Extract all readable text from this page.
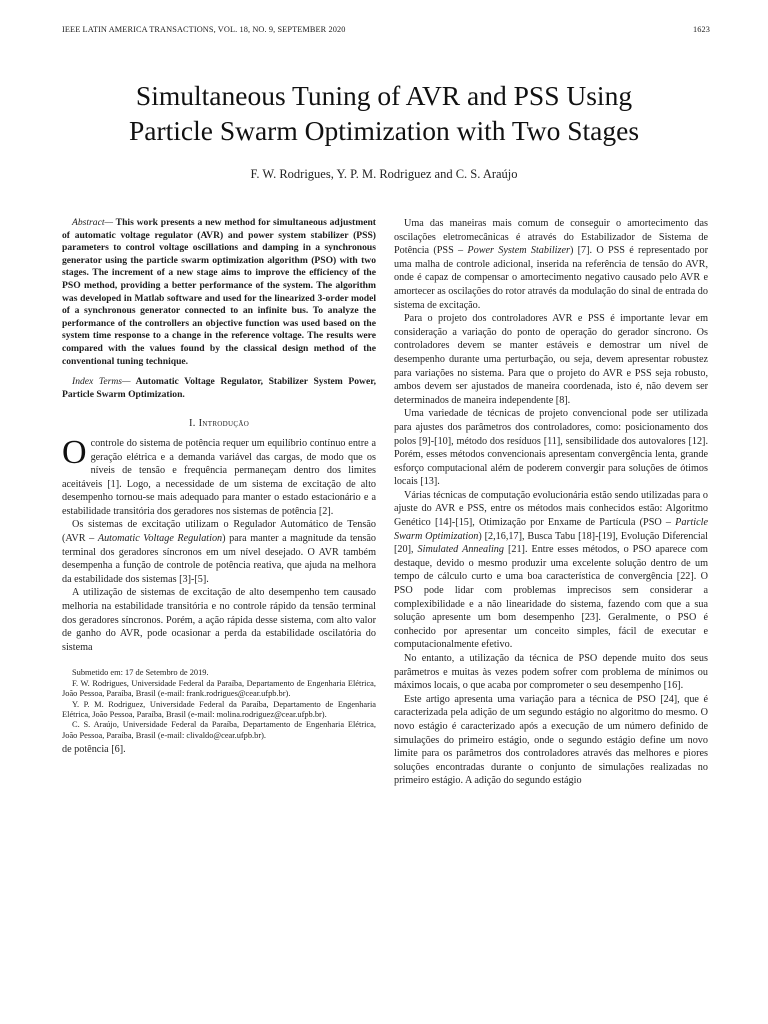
IEEE LATIN AMERICA TRANSACTIONS, VOL. 18, NO. 9, SEPTEMBER 2020	1623
Simultaneous Tuning of AVR and PSS Using
Particle Swarm Optimization with Two Stages
F. W. Rodrigues, Y. P. M. Rodriguez and C. S. Araújo

Abstract— This work presents a new method for simultaneous adjustment of automatic voltage regulator (AVR) and power system stabilizer (PSS) parameters to control voltage oscillations and damping in a synchronous generator using the particle swarm optimization algorithm (PSO) with two stages. The increment of a new stage aims to improve the efficiency of the PSO method, providing a better performance of the system. The algorithm was developed in Matlab software and used for the linearized 3-order model of a synchronous generator connected to an infinite bus. To analyze the performance of the controllers an objective function was used based on the system time response to a change in the reference voltage. The results were compared with the values found by the classical design method of the conventional tuning technique.

Index Terms— Automatic Voltage Regulator, Stabilizer System Power, Particle Swarm Optimization.

I. Introdução

Ocontrole do sistema de potência requer um equilíbrio contínuo entre a geração elétrica e a demanda variável das cargas, de modo que os níveis de tensão e frequência permaneçam dentro dos limites aceitáveis [1]. Logo, a necessidade de um sistema de excitação de alto desempenho tornou-se mais adequado para manter o estado estacionário e a estabilidade transitória dos geradores nos sistemas de potência [2].

Os sistemas de excitação utilizam o Regulador Automático de Tensão (AVR – Automatic Voltage Regulation) para manter a magnitude da tensão terminal dos geradores síncronos em um nível desejado. O AVR também desempenha a função de controle de potência reativa, que ajuda na melhora da estabilidade dos sistemas [3]-[5].

A utilização de sistemas de excitação de alto desempenho tem causado melhoria na estabilidade transitória e no controle rápido da tensão terminal dos geradores síncronos. Porém, a ação rápida desse sistema, com alto valor de ganho do AVR, pode ocasionar a perda da estabilidade oscilatória do sistema

Submetido em: 17 de Setembro de 2019.

F. W. Rodrigues, Universidade Federal da Paraíba, Departamento de Engenharia Elétrica, João Pessoa, Paraíba, Brasil (e-mail: frank.rodrigues@cear.ufpb.br).

Y. P. M. Rodriguez, Universidade Federal da Paraíba, Departamento de Engenharia Elétrica, João Pessoa, Paraíba, Brasil (e-mail: molina.rodriguez@cear.ufpb.br).

C. S. Araújo, Universidade Federal da Paraíba, Departamento de Engenharia Elétrica, João Pessoa, Paraíba, Brasil (e-mail: clivaldo@cear.ufpb.br).

de potência [6].

Uma das maneiras mais comum de conseguir o amortecimento das oscilações eletromecânicas é através do Estabilizador de Sistema de Potência (PSS – Power System Stabilizer) [7]. O PSS é representado por uma malha de controle adicional, inserida na referência de tensão do AVR, onde é capaz de compensar o amortecimento negativo causado pelo AVR e amortecer as oscilações do rotor através da modulação do sinal de entrada do sistema de excitação.

Para o projeto dos controladores AVR e PSS é importante levar em consideração a variação do ponto de operação do gerador síncrono. Os controladores devem se manter estáveis e demostrar um nível de desempenho durante uma perturbação, ou seja, devem apresentar robustez para variações no sistema. Para que o projeto do AVR e PSS seja robusto, ambos devem ser ajustados de maneira coordenada, isto é, não devem ser determinados de maneira independente [8].

Uma variedade de técnicas de projeto convencional pode ser utilizada para ajustes dos parâmetros dos controladores, como: posicionamento dos polos [9]-[10], método dos resíduos [11], sensibilidade dos autovalores [12]. Porém, esses métodos convencionais apresentam convergência lenta, grande esforço computacional além de poderem convergir para soluções de ótimos locais [13].

Várias técnicas de computação evolucionária estão sendo utilizadas para o ajuste do AVR e PSS, entre os métodos mais conhecidos estão: Algoritmo Genético [14]-[15], Otimização por Enxame de Partícula (PSO – Particle Swarm Optimization) [2,16,17], Busca Tabu [18]-[19], Evolução Diferencial [20], Simulated Annealing [21]. Entre esses métodos, o PSO aparece com destaque, devido o mesmo produzir uma excelente solução dentro de um tempo de cálculo curto e uma boa característica de convergência [22]. O PSO pode lidar com problemas imprecisos sem considerar a complexibilidade e a não linearidade do sistema, fazendo com que a sua solução apresente um bom desempenho [23]. Geralmente, o PSO é conhecido por apresentar um conceito simples, fácil de executar e computacionalmente efetivo.

No entanto, a utilização da técnica de PSO depende muito dos seus parâmetros e muitas às vezes podem sofrer com problema de mínimos ou máximos locais, o que acaba por comprometer o seu desempenho [16].

Este artigo apresenta uma variação para a técnica de PSO [24], que é caracterizada pela adição de um segundo estágio no algoritmo do mesmo. O novo estágio é caracterizado após a execução de um número definido de simulações do primeiro estágio, onde o segundo estágio define um novo limite para os parâmetros dos controladores através das melhores e piores soluções encontradas durante o conjunto de simulações realizadas no primeiro estágio. A adição do segundo estágio
